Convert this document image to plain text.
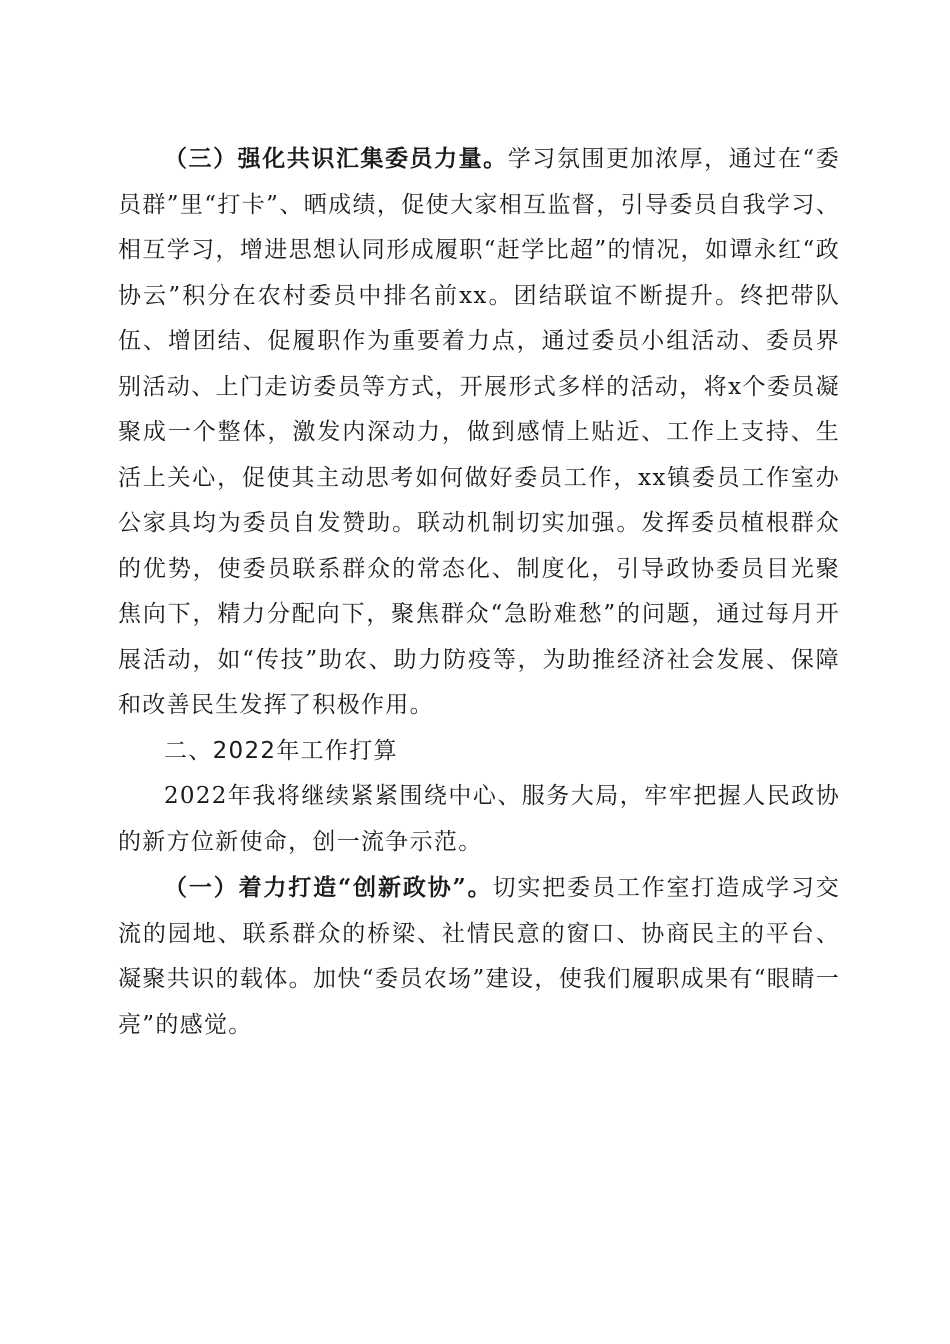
（三）强化共识汇集委员力量。学习氛围更加浓厚，通过在“委员群”里“打卡”、晒成绩，促使大家相互监督，引导委员自我学习、相互学习，增进思想认同形成履职“赶学比超”的情况，如谭永红“政协云”积分在农村委员中排名前xx。团结联谊不断提升。终把带队伍、增团结、促履职作为重要着力点，通过委员小组活动、委员界别活动、上门走访委员等方式，开展形式多样的活动，将x个委员凝聚成一个整体，激发内深动力，做到感情上贴近、工作上支持、生活上关心，促使其主动思考如何做好委员工作，xx镇委员工作室办公家具均为委员自发赞助。联动机制切实加强。发挥委员植根群众的优势，使委员联系群众的常态化、制度化，引导政协委员目光聚焦向下，精力分配向下，聚焦群众“急盼难愁”的问题，通过每月开展活动，如“传技”助农、助力防疫等，为助推经济社会发展、保障和改善民生发挥了积极作用。

二、2022年工作打算

2022年我将继续紧紧围绕中心、服务大局，牢牢把握人民政协的新方位新使命，创一流争示范。

（一）着力打造“创新政协”。切实把委员工作室打造成学习交流的园地、联系群众的桥梁、社情民意的窗口、协商民主的平台、凝聚共识的载体。加快“委员农场”建设，使我们履职成果有“眼睛一亮”的感觉。
